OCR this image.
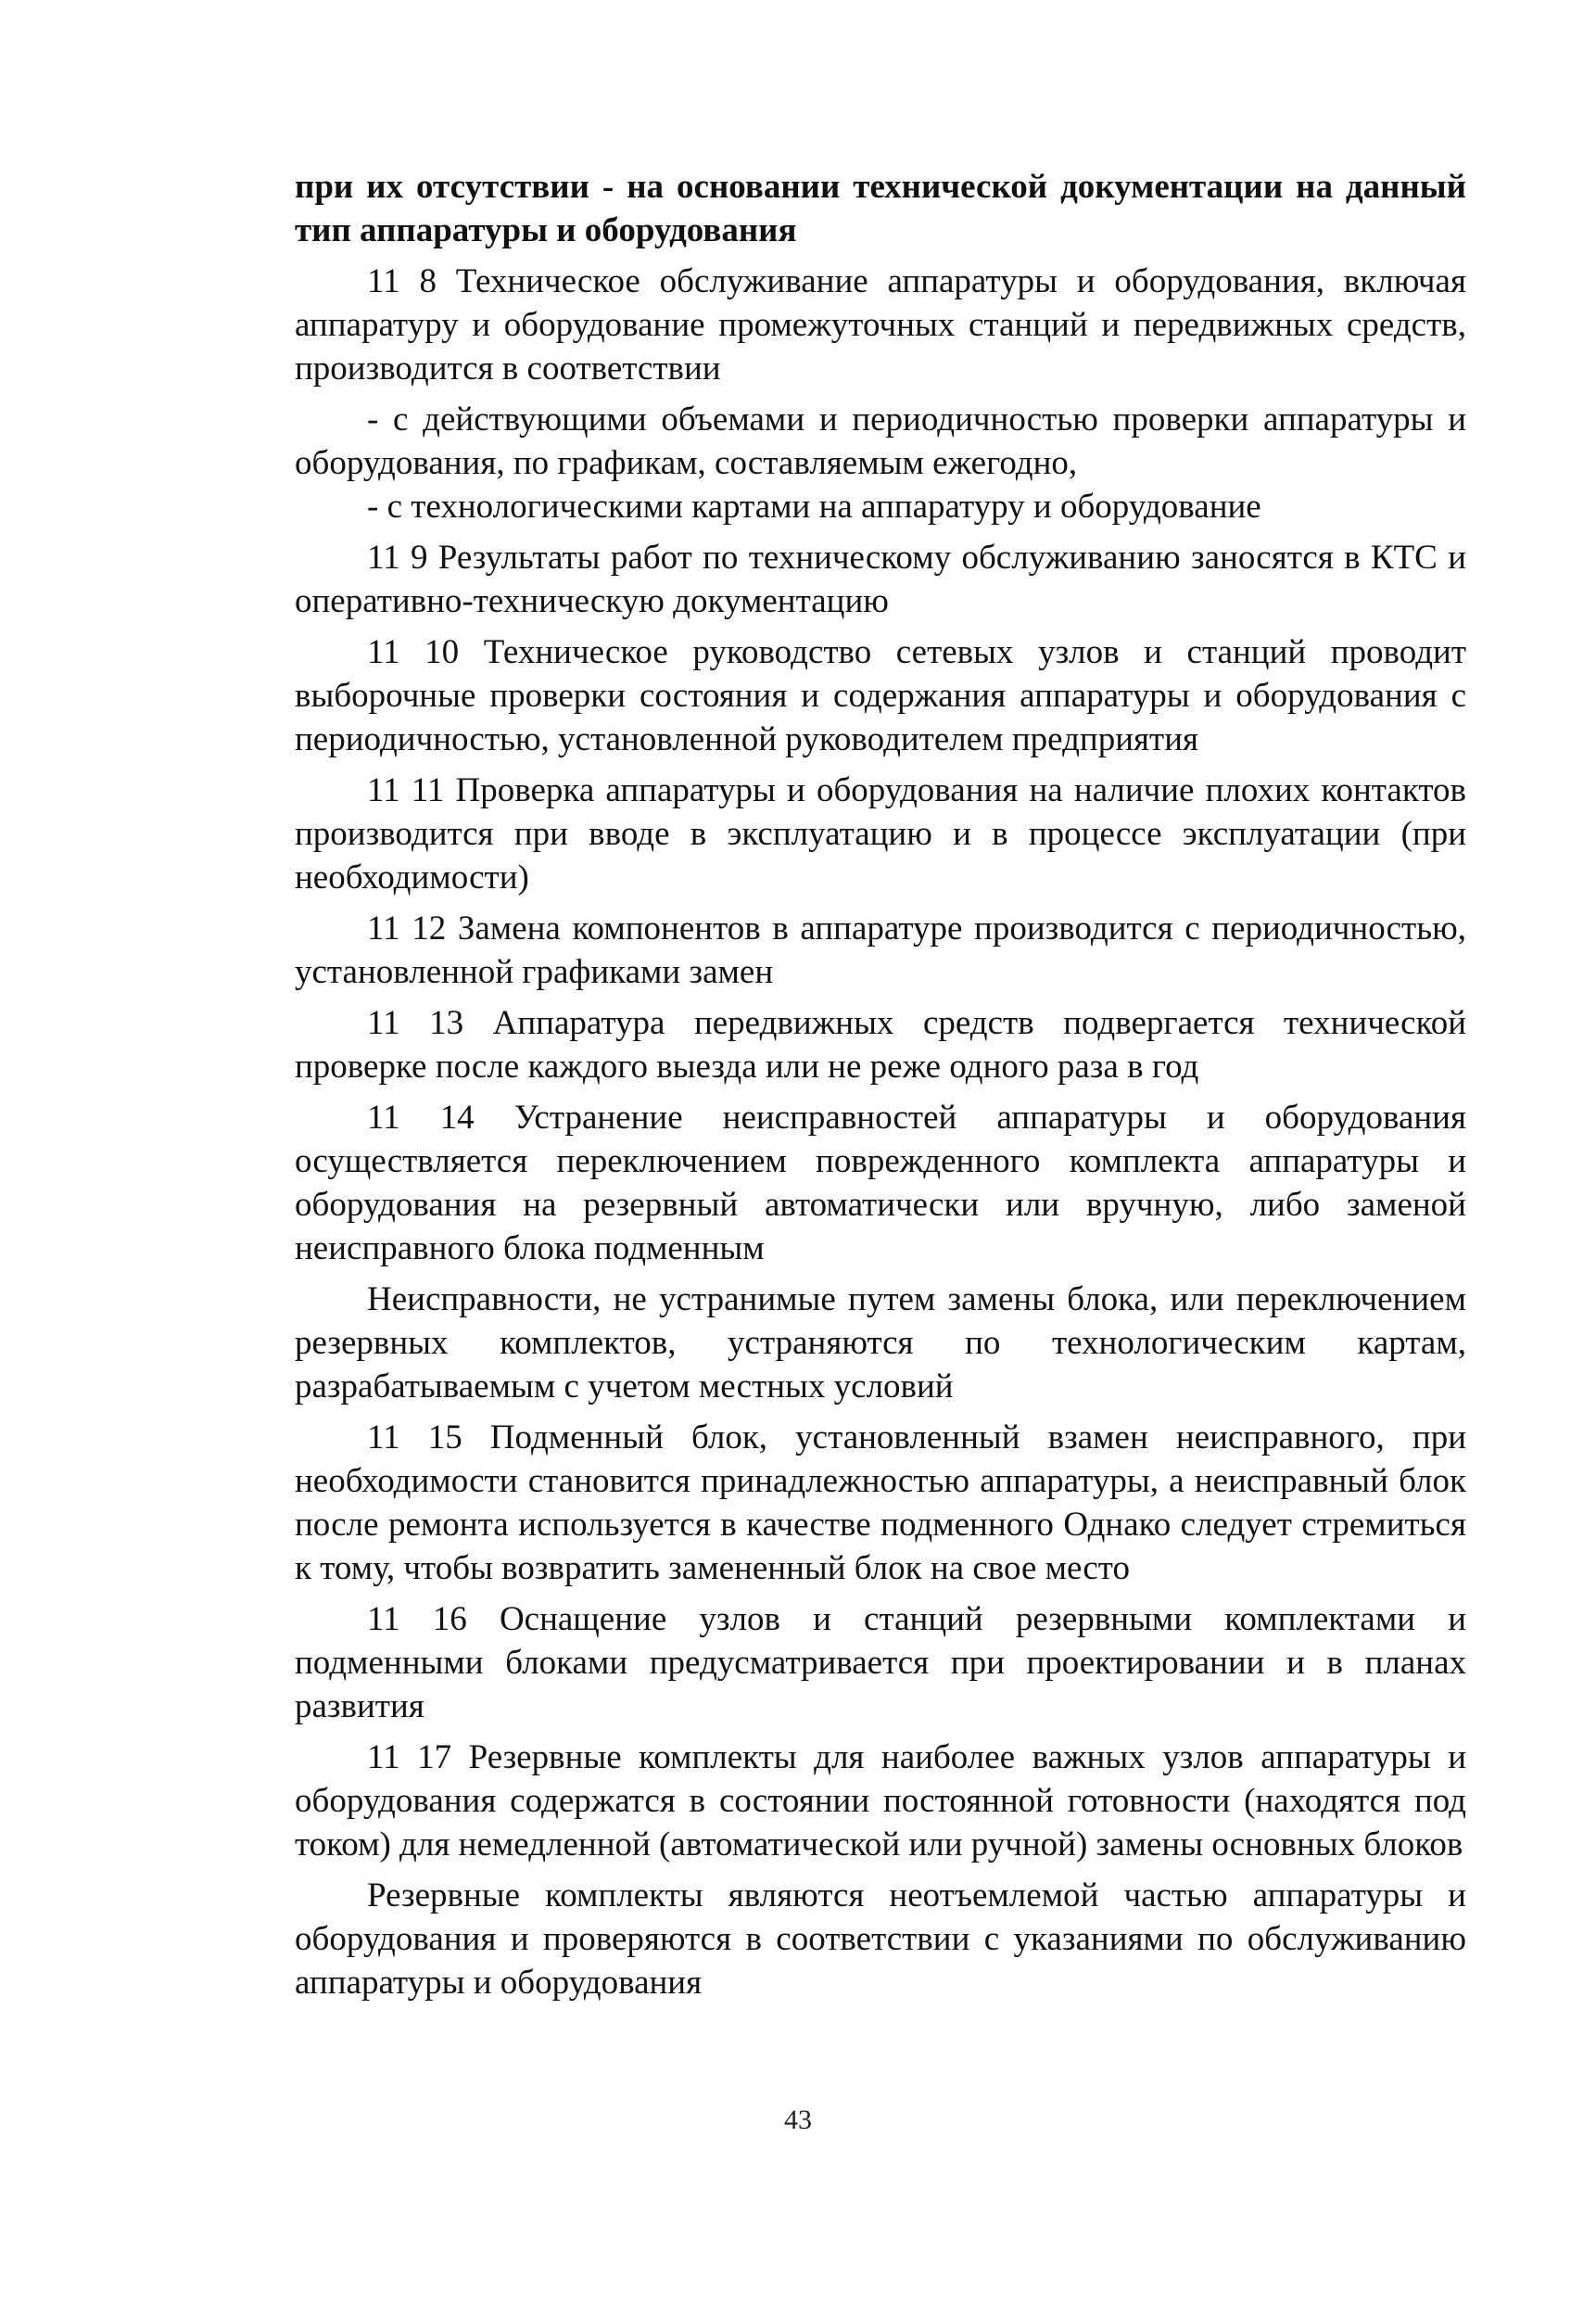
при их отсутствии - на основании технической документации на данный тип аппаратуры и оборудования

11 8 Техническое обслуживание аппаратуры и оборудования, включая аппаратуру и оборудование промежуточных станций и передвижных средств, производится в соответствии

- с действующими объемами и периодичностью проверки аппаратуры и оборудования, по графикам, составляемым ежегодно,

- с технологическими картами на аппаратуру и оборудование

11 9 Результаты работ по техническому обслуживанию заносятся в КТС и оперативно-техническую документацию

11 10 Техническое руководство сетевых узлов и станций проводит выборочные проверки состояния и содержания аппаратуры и оборудования с периодичностью, установленной руководителем предприятия

11 11 Проверка аппаратуры и оборудования на наличие плохих контактов производится при вводе в эксплуатацию и в процессе эксплуатации (при необходимости)

11 12 Замена компонентов в аппаратуре производится с периодичностью, установленной графиками замен

11 13 Аппаратура передвижных средств подвергается технической проверке после каждого выезда или не реже одного раза в год

11 14 Устранение неисправностей аппаратуры и оборудования осуществляется переключением поврежденного комплекта аппаратуры и оборудования на резервный автоматически или вручную, либо заменой неисправного блока подменным

Неисправности, не устранимые путем замены блока, или переключением резервных комплектов, устраняются по технологическим картам, разрабатываемым с учетом местных условий

11 15 Подменный блок, установленный взамен неисправного, при необходимости становится принадлежностью аппаратуры, а неисправный блок после ремонта используется в качестве подменного Однако следует стремиться к тому, чтобы возвратить замененный блок на свое место

11 16 Оснащение узлов и станций резервными комплектами и подменными блоками предусматривается при проектировании и в планах развития

11 17 Резервные комплекты для наиболее важных узлов аппаратуры и оборудования содержатся в состоянии постоянной готовности (находятся под током) для немедленной (автоматической или ручной) замены основных блоков

Резервные комплекты являются неотъемлемой частью аппаратуры и оборудования и проверяются в соответствии с указаниями по обслуживанию аппаратуры и оборудования

43
